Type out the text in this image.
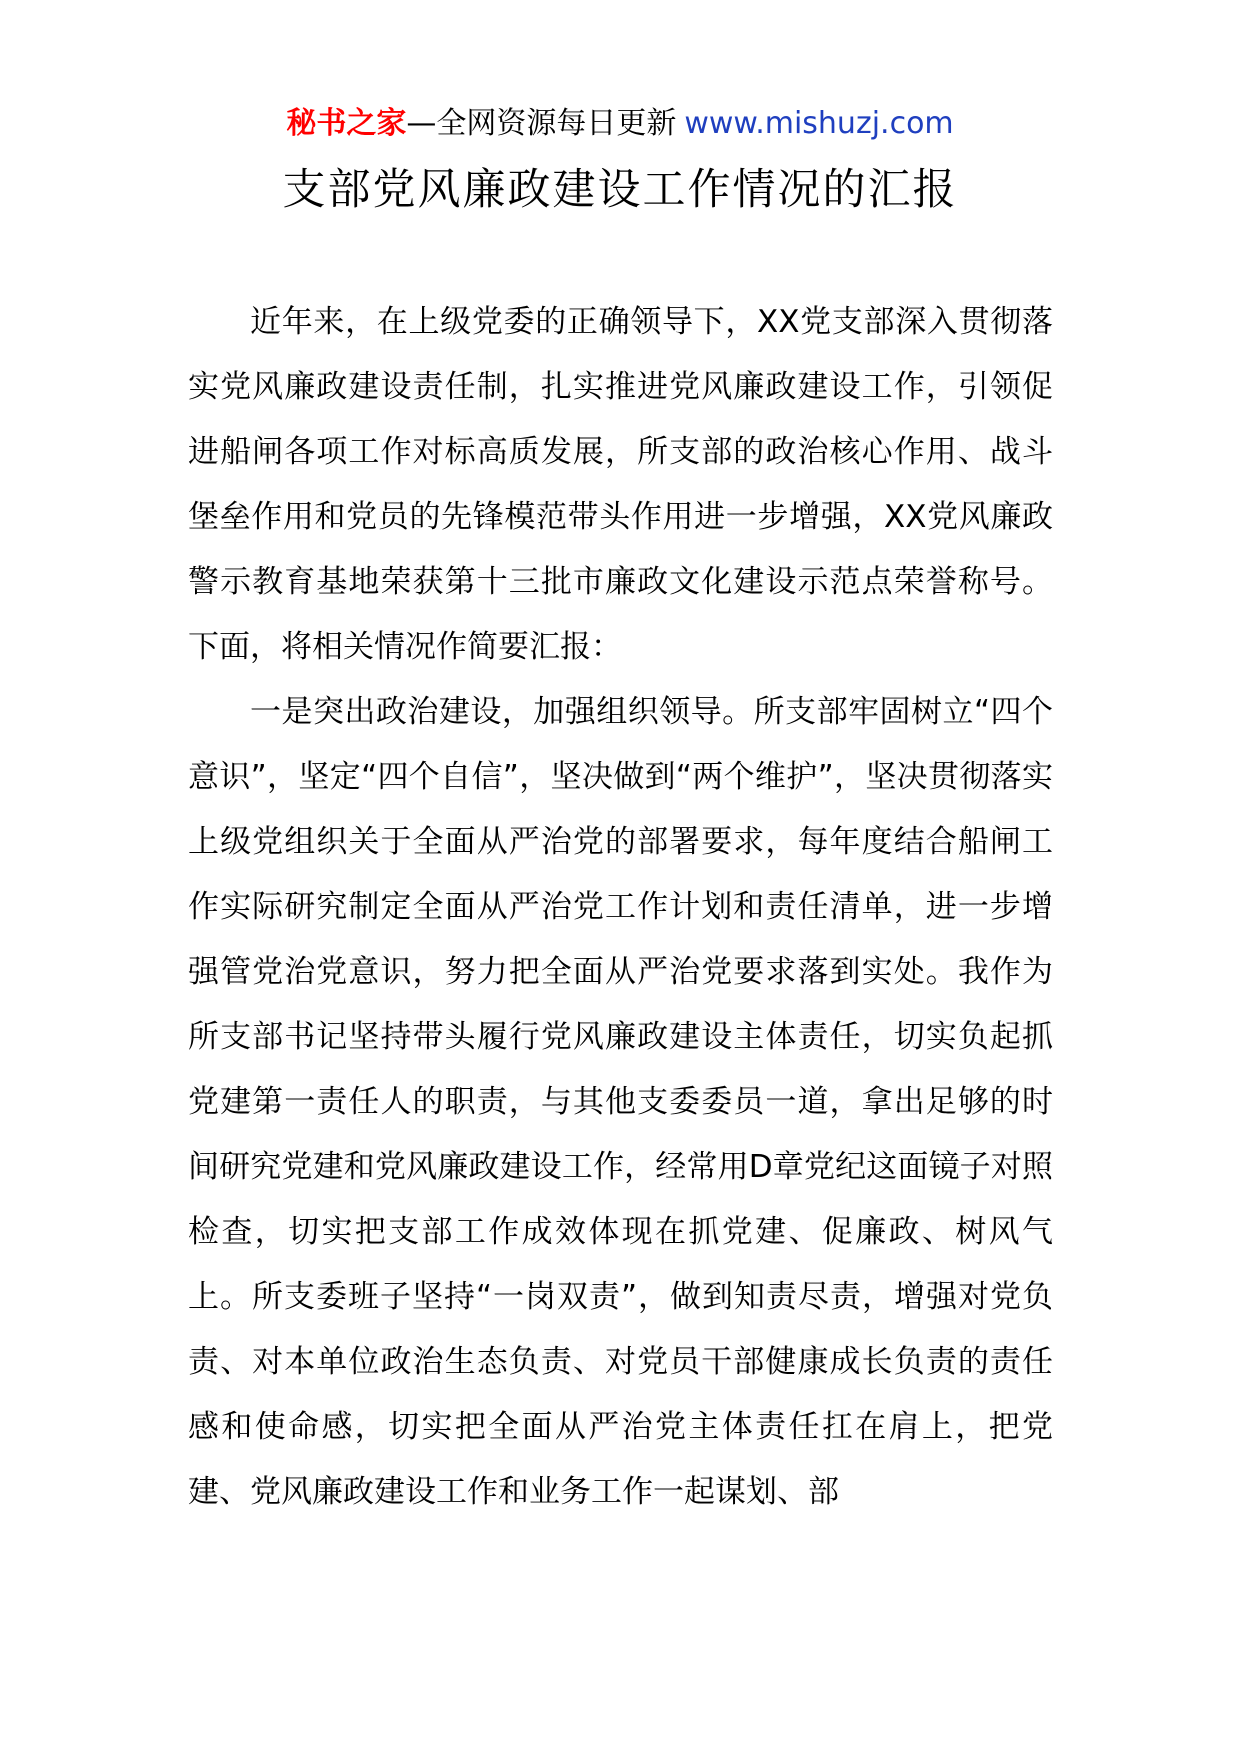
秘书之家—全网资源每日更新 www.mishuzj.com
支部党风廉政建设工作情况的汇报

近年来，在上级党委的正确领导下，XX党支部深入贯彻落实党风廉政建设责任制，扎实推进党风廉政建设工作，引领促进船闸各项工作对标高质发展，所支部的政治核心作用、战斗堡垒作用和党员的先锋模范带头作用进一步增强，XX党风廉政警示教育基地荣获第十三批市廉政文化建设示范点荣誉称号。下面，将相关情况作简要汇报：

一是突出政治建设，加强组织领导。所支部牢固树立“四个意识”，坚定“四个自信”，坚决做到“两个维护”，坚决贯彻落实上级党组织关于全面从严治党的部署要求，每年度结合船闸工作实际研究制定全面从严治党工作计划和责任清单，进一步增强管党治党意识，努力把全面从严治党要求落到实处。我作为所支部书记坚持带头履行党风廉政建设主体责任，切实负起抓党建第一责任人的职责，与其他支委委员一道，拿出足够的时间研究党建和党风廉政建设工作，经常用D章党纪这面镜子对照检查，切实把支部工作成效体现在抓党建、促廉政、树风气上。所支委班子坚持“一岗双责”，做到知责尽责，增强对党负责、对本单位政治生态负责、对党员干部健康成长负责的责任感和使命感，切实把全面从严治党主体责任扛在肩上，把党建、党风廉政建设工作和业务工作一起谋划、部
